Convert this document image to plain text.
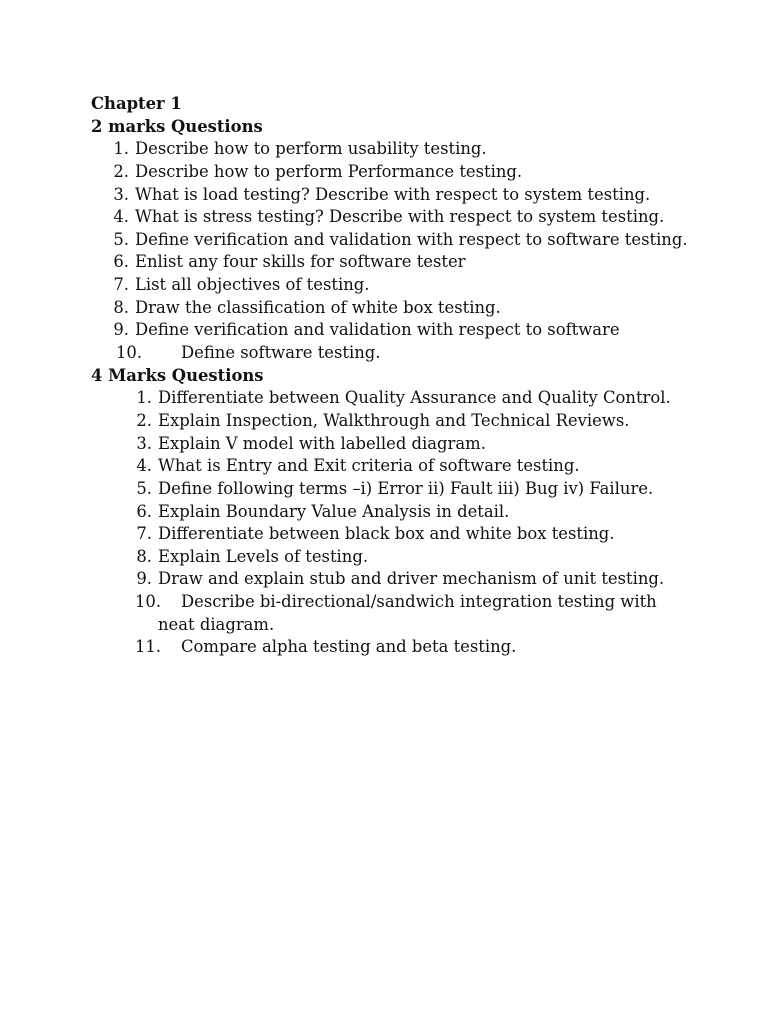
Chapter 1
2 marks Questions
1. Describe how to perform usability testing.
2. Describe how to perform Performance testing.
3. What is load testing? Describe with respect to system testing.
4. What is stress testing? Describe with respect to system testing.
5. Define verification and validation with respect to software testing.
6. Enlist any four skills for software tester
7. List all objectives of testing.
8. Draw the classification of white box testing.
9. Define verification and validation with respect to software
10. Define software testing.
4 Marks Questions
1. Differentiate between Quality Assurance and Quality Control.
2. Explain Inspection, Walkthrough and Technical Reviews.
3. Explain V model with labelled diagram.
4. What is Entry and Exit criteria of software testing.
5. Define following terms –i) Error ii) Fault iii) Bug iv) Failure.
6. Explain Boundary Value Analysis in detail.
7. Differentiate between black box and white box testing.
8. Explain Levels of testing.
9. Draw and explain stub and driver mechanism of unit testing.
10. Describe bi-directional/sandwich integration testing with
neat diagram.
11. Compare alpha testing and beta testing.
